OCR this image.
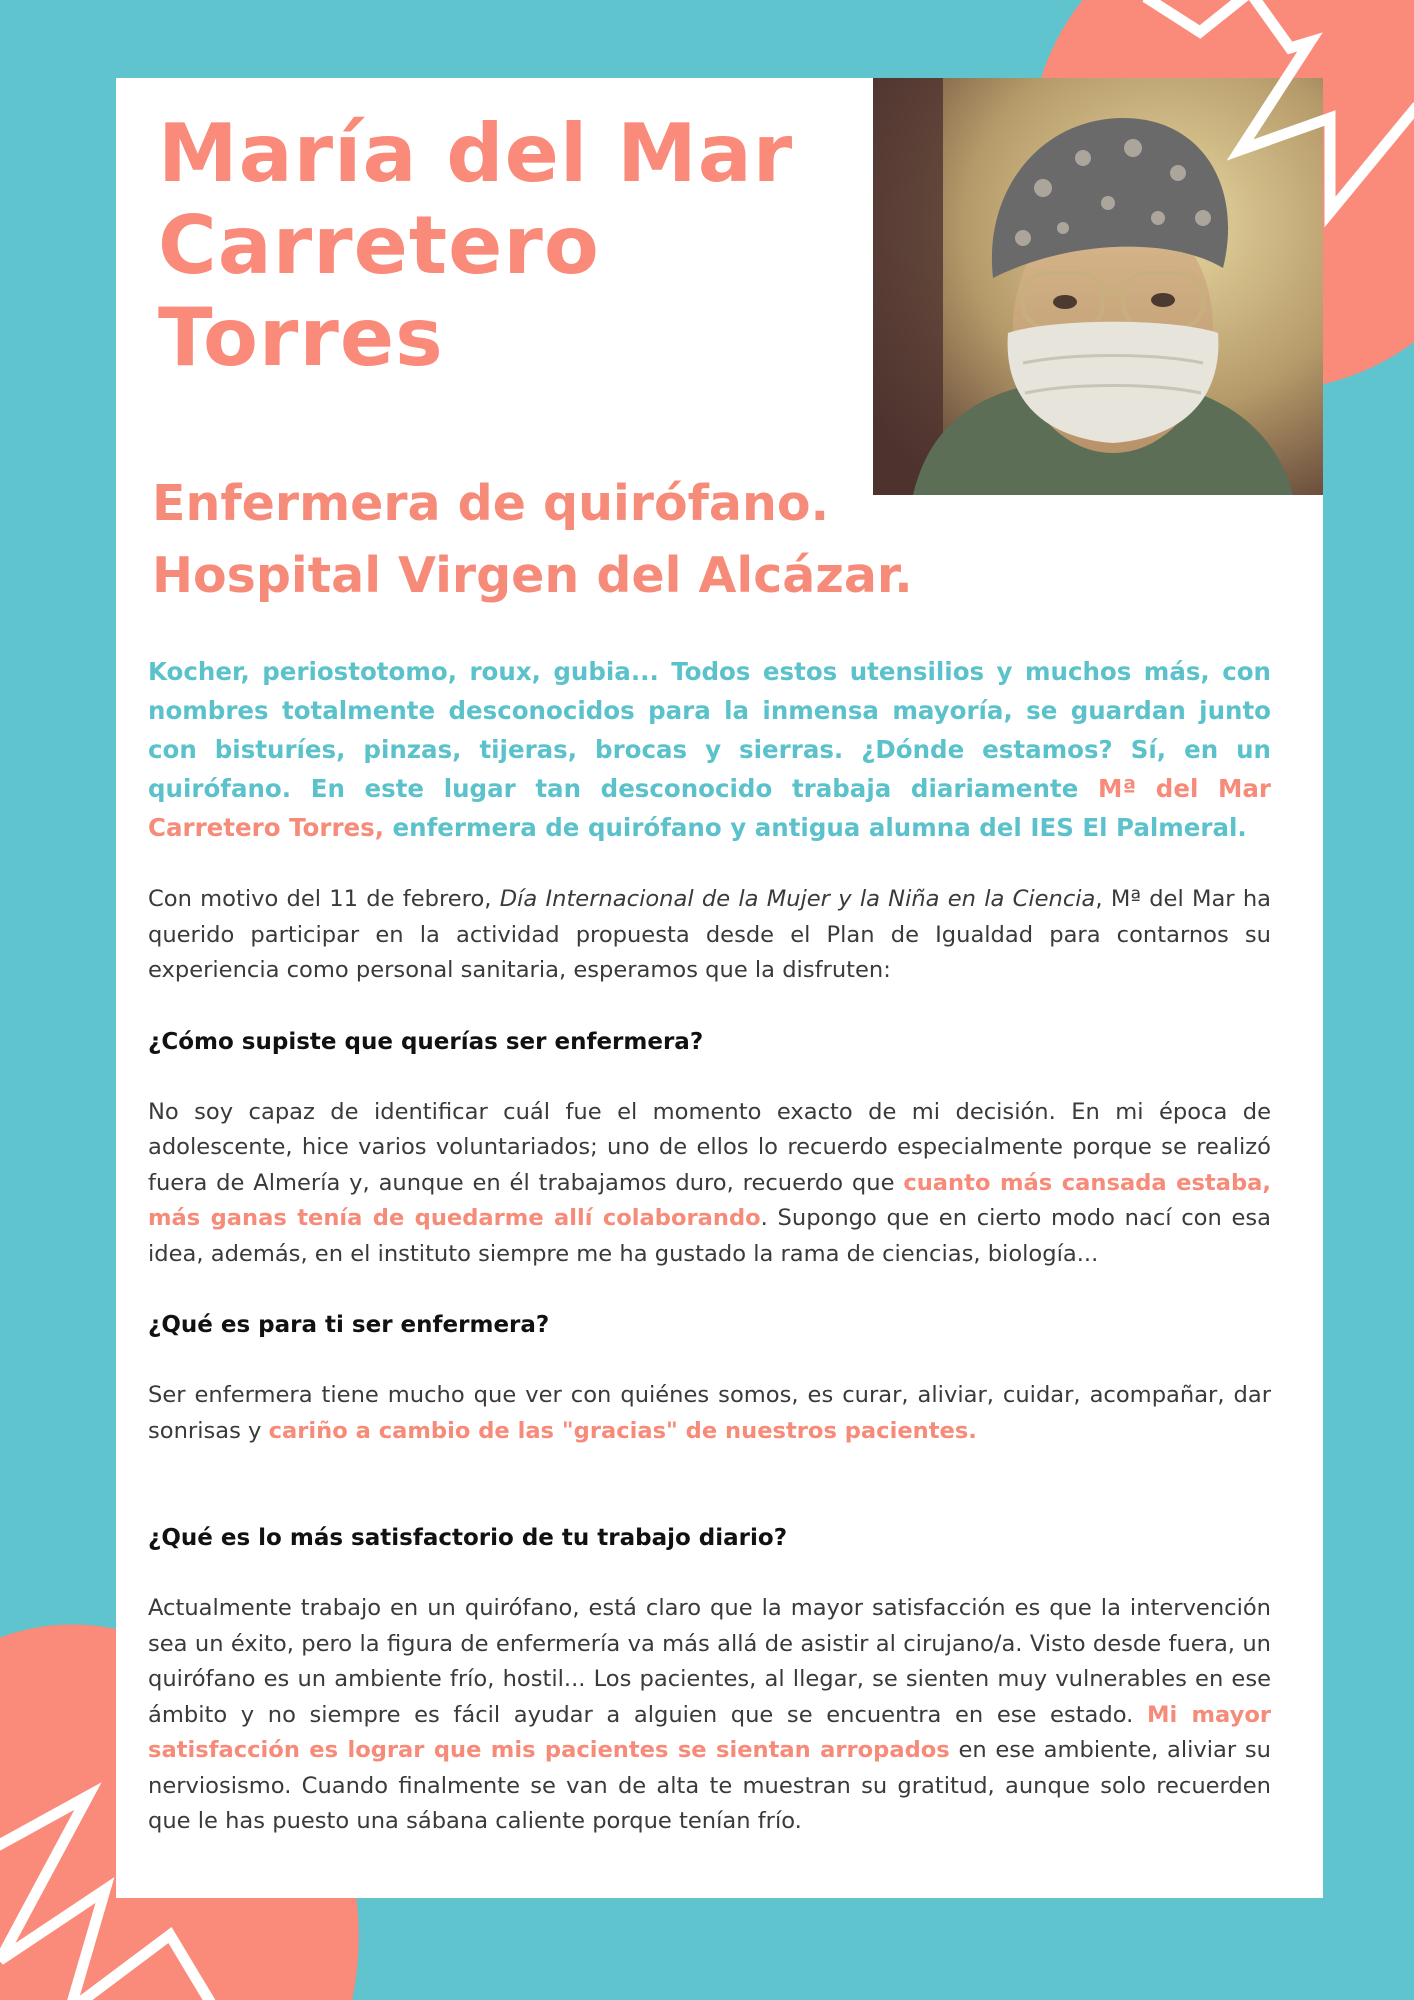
María del Mar
Carretero
Torres
Enfermera de quirófano.
Hospital Virgen del Alcázar.

Kocher, periostotomo, roux, gubia... Todos estos utensilios y muchos más, con nombres totalmente desconocidos para la inmensa mayoría, se guardan junto con bisturíes, pinzas, tijeras, brocas y sierras. ¿Dónde estamos? Sí, en un quirófano. En este lugar tan desconocido trabaja diariamente Mª del Mar Carretero Torres, enfermera de quirófano y antigua alumna del IES El Palmeral.

Con motivo del 11 de febrero, Día Internacional de la Mujer y la Niña en la Ciencia, Mª del Mar ha querido participar en la actividad propuesta desde el Plan de Igualdad para contarnos su experiencia como personal sanitaria, esperamos que la disfruten:

¿Cómo supiste que querías ser enfermera?

No soy capaz de identificar cuál fue el momento exacto de mi decisión. En mi época de adolescente, hice varios voluntariados; uno de ellos lo recuerdo especialmente porque se realizó fuera de Almería y, aunque en él trabajamos duro, recuerdo que cuanto más cansada estaba, más ganas tenía de quedarme allí colaborando. Supongo que en cierto modo nací con esa idea, además, en el instituto siempre me ha gustado la rama de ciencias, biología...

¿Qué es para ti ser enfermera?

Ser enfermera tiene mucho que ver con quiénes somos, es curar, aliviar, cuidar, acompañar, dar sonrisas y cariño a cambio de las "gracias" de nuestros pacientes.

¿Qué es lo más satisfactorio de tu trabajo diario?

Actualmente trabajo en un quirófano, está claro que la mayor satisfacción es que la intervención sea un éxito, pero la figura de enfermería va más allá de asistir al cirujano/a. Visto desde fuera, un quirófano es un ambiente frío, hostil... Los pacientes, al llegar, se sienten muy vulnerables en ese ámbito y no siempre es fácil ayudar a alguien que se encuentra en ese estado. Mi mayor satisfacción es lograr que mis pacientes se sientan arropados en ese ambiente, aliviar su nerviosismo. Cuando finalmente se van de alta te muestran su gratitud, aunque solo recuerden que le has puesto una sábana caliente porque tenían frío.
